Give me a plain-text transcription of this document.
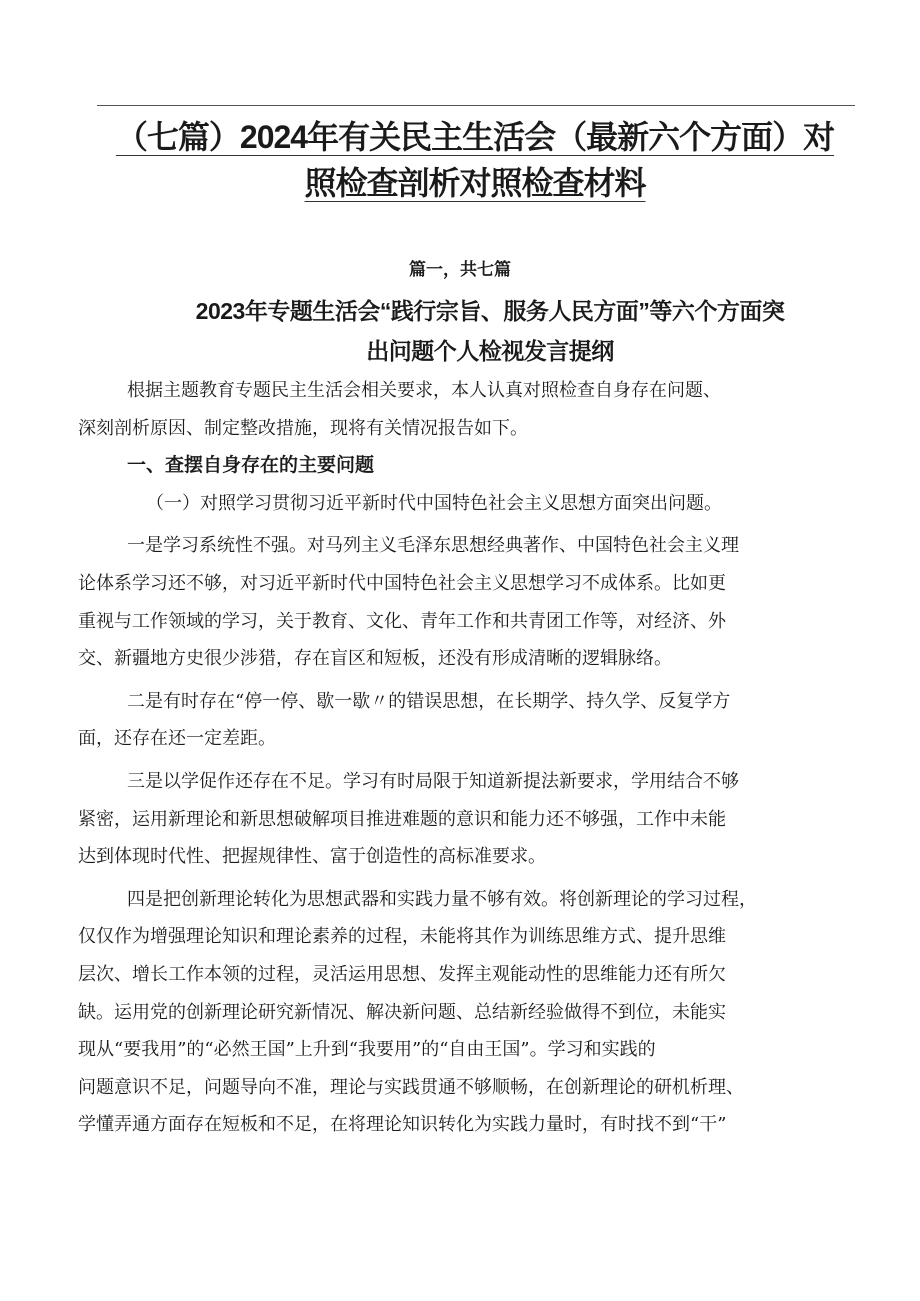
（七篇）2024年有关民主生活会（最新六个方面）对
照检查剖析对照检查材料
篇一，共七篇
2023年专题生活会“践行宗旨、服务人民方面”等六个方面突
出问题个人检视发言提纲

根据主题教育专题民主生活会相关要求，本人认真对照检查自身存在问题、
深刻剖析原因、制定整改措施，现将有关情况报告如下。

一、查摆自身存在的主要问题

（一）对照学习贯彻习近平新时代中国特色社会主义思想方面突出问题。

一是学习系统性不强。对马列主义毛泽东思想经典著作、中国特色社会主义理
论体系学习还不够，对习近平新时代中国特色社会主义思想学习不成体系。比如更
重视与工作领域的学习，关于教育、文化、青年工作和共青团工作等，对经济、外
交、新疆地方史很少涉猎，存在盲区和短板，还没有形成清晰的逻辑脉络。

二是有时存在“停一停、歇一歇〃的错误思想，在长期学、持久学、反复学方
面，还存在还一定差距。

三是以学促作还存在不足。学习有时局限于知道新提法新要求，学用结合不够
紧密，运用新理论和新思想破解项目推进难题的意识和能力还不够强，工作中未能
达到体现时代性、把握规律性、富于创造性的高标准要求。

四是把创新理论转化为思想武器和实践力量不够有效。将创新理论的学习过程，
仅仅作为增强理论知识和理论素养的过程，未能将其作为训练思维方式、提升思维
层次、增长工作本领的过程，灵活运用思想、发挥主观能动性的思维能力还有所欠
缺。运用党的创新理论研究新情况、解决新问题、总结新经验做得不到位，未能实
现从“要我用”的“必然王国”上升到“我要用”的“自由王国”。学习和实践的
问题意识不足，问题导向不准，理论与实践贯通不够顺畅，在创新理论的研机析理、
学懂弄通方面存在短板和不足，在将理论知识转化为实践力量时，有时找不到“干”
